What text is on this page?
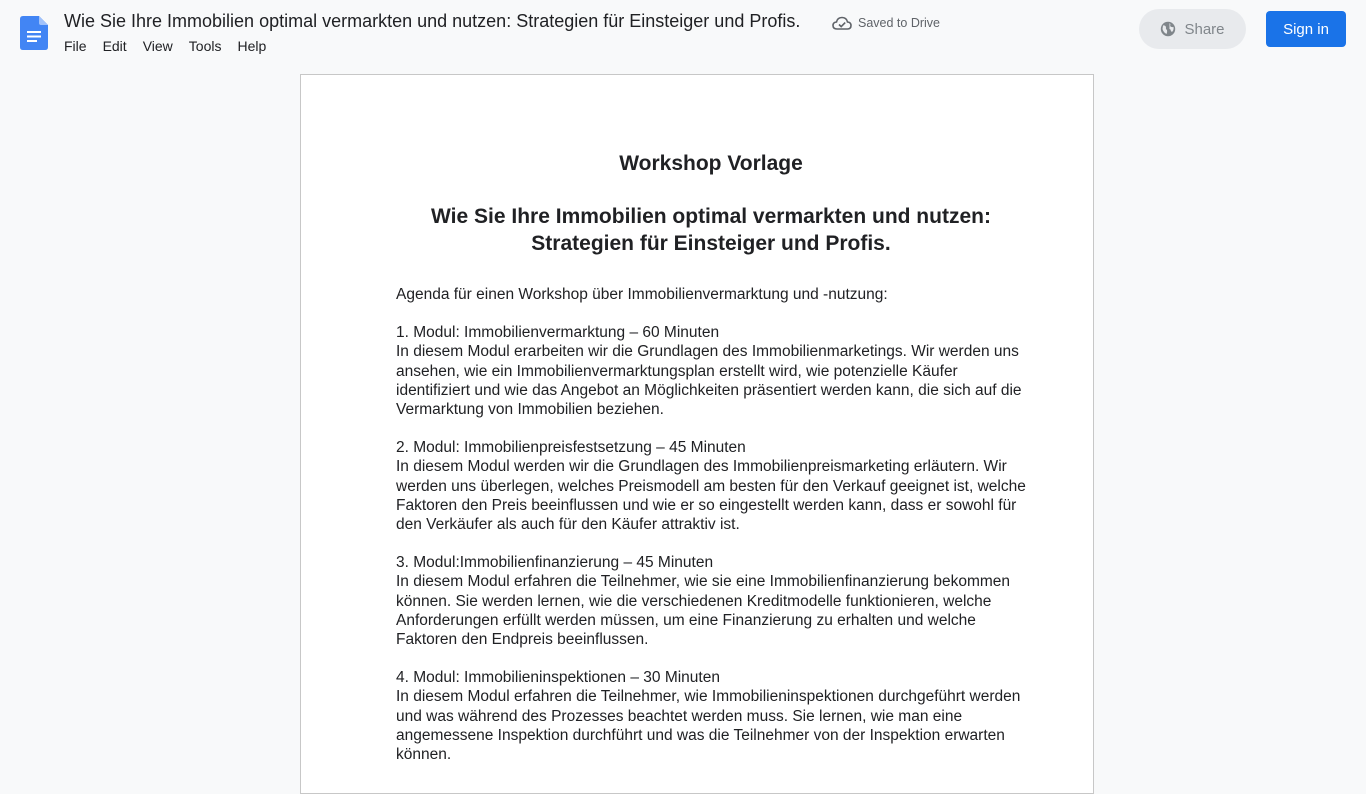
Wie Sie Ihre Immobilien optimal vermarkten und nutzen: Strategien für Einsteiger und Profis.	Saved to Drive
File	Edit	View	Tools	Help
Share	Sign in
Workshop Vorlage
Wie Sie Ihre Immobilien optimal vermarkten und nutzen: Strategien für Einsteiger und Profis.

Agenda für einen Workshop über Immobilienvermarktung und -nutzung:

1. Modul: Immobilienvermarktung – 60 Minuten

In diesem Modul erarbeiten wir die Grundlagen des Immobilienmarketings. Wir werden uns ansehen, wie ein Immobilienvermarktungsplan erstellt wird, wie potenzielle Käufer identifiziert und wie das Angebot an Möglichkeiten präsentiert werden kann, die sich auf die Vermarktung von Immobilien beziehen.

2. Modul: Immobilienpreisfestsetzung – 45 Minuten

In diesem Modul werden wir die Grundlagen des Immobilienpreismarketing erläutern. Wir werden uns überlegen, welches Preismodell am besten für den Verkauf geeignet ist, welche Faktoren den Preis beeinflussen und wie er so eingestellt werden kann, dass er sowohl für den Verkäufer als auch für den Käufer attraktiv ist.

3. Modul:Immobilienfinanzierung – 45 Minuten

In diesem Modul erfahren die Teilnehmer, wie sie eine Immobilienfinanzierung bekommen können. Sie werden lernen, wie die verschiedenen Kreditmodelle funktionieren, welche Anforderungen erfüllt werden müssen, um eine Finanzierung zu erhalten und welche Faktoren den Endpreis beeinflussen.

4. Modul: Immobilieninspektionen – 30 Minuten

In diesem Modul erfahren die Teilnehmer, wie Immobilieninspektionen durchgeführt werden und was während des Prozesses beachtet werden muss. Sie lernen, wie man eine angemessene Inspektion durchführt und was die Teilnehmer von der Inspektion erwarten können.
